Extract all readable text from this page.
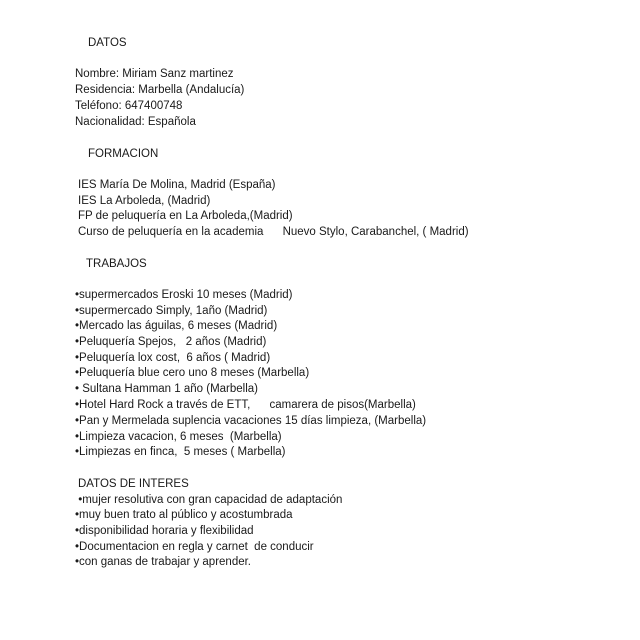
DATOS
Nombre: Miriam Sanz martinez
Residencia: Marbella (Andalucía)
Teléfono: 647400748
Nacionalidad: Española
FORMACION
IES María De Molina, Madrid (España)
IES La Arboleda, (Madrid)
FP de peluquería en La Arboleda,(Madrid)
Curso de peluquería en la academia      Nuevo Stylo, Carabanchel, ( Madrid)
TRABAJOS
•supermercados Eroski 10 meses (Madrid)
•supermercado Simply, 1año (Madrid)
•Mercado las águilas, 6 meses (Madrid)
•Peluquería Spejos,   2 años (Madrid)
•Peluquería lox cost,  6 años ( Madrid)
•Peluquería blue cero uno 8 meses (Marbella)
• Sultana Hamman 1 año (Marbella)
•Hotel Hard Rock a través de ETT,      camarera de pisos(Marbella)
•Pan y Mermelada suplencia vacaciones 15 días limpieza, (Marbella)
•Limpieza vacacion, 6 meses  (Marbella)
•Limpiezas en finca,  5 meses ( Marbella)
DATOS DE INTERES
•mujer resolutiva con gran capacidad de adaptación
•muy buen trato al público y acostumbrada
•disponibilidad horaria y flexibilidad
•Documentacion en regla y carnet  de conducir
•con ganas de trabajar y aprender.
